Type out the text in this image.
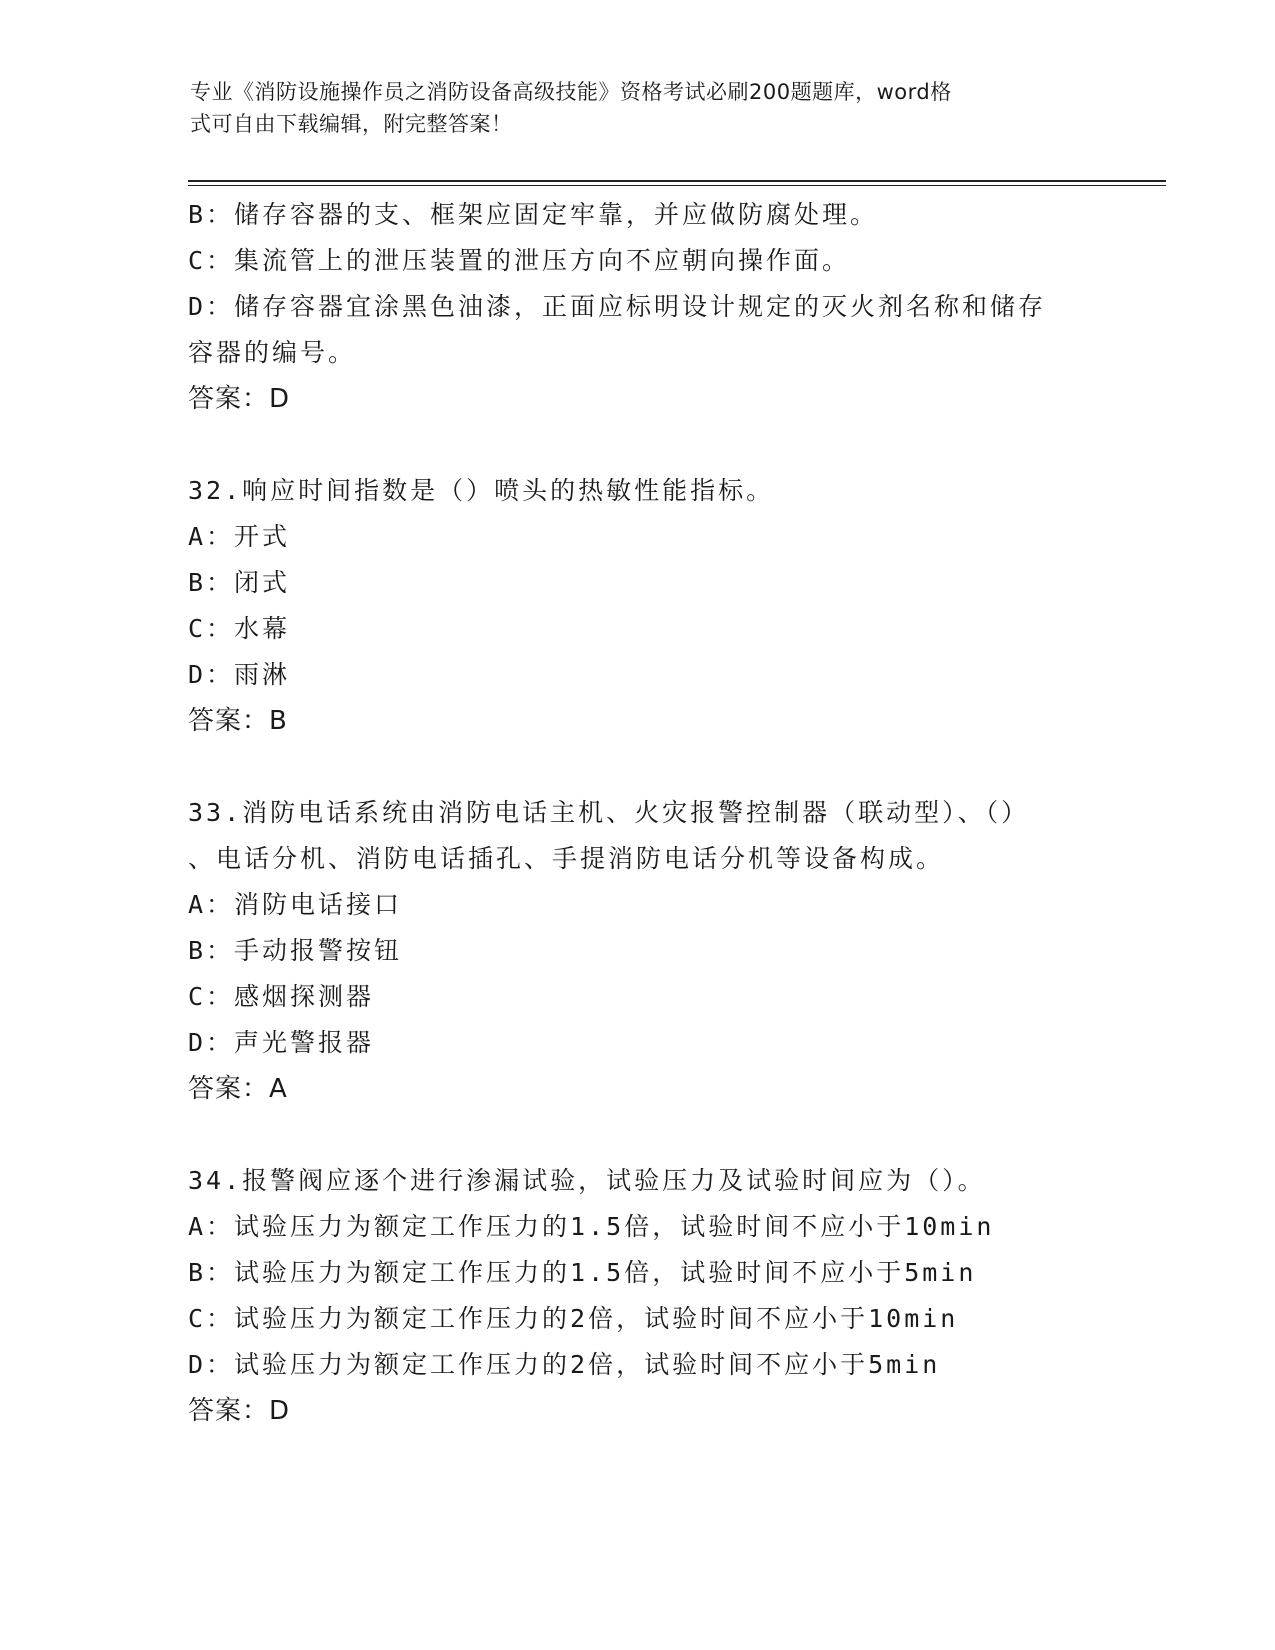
专业《消防设施操作员之消防设备高级技能》资格考试必刷200题题库，word格
式可自由下载编辑，附完整答案！
B：储存容器的支、框架应固定牢靠，并应做防腐处理。
C：集流管上的泄压装置的泄压方向不应朝向操作面。
D：储存容器宜涂黑色油漆，正面应标明设计规定的灭火剂名称和储存
容器的编号。
答案：D
32.响应时间指数是（）喷头的热敏性能指标。
A：开式
B：闭式
C：水幕
D：雨淋
答案：B
33.消防电话系统由消防电话主机、火灾报警控制器（联动型）、（）
、电话分机、消防电话插孔、手提消防电话分机等设备构成。
A：消防电话接口
B：手动报警按钮
C：感烟探测器
D：声光警报器
答案：A
34.报警阀应逐个进行渗漏试验，试验压力及试验时间应为（）。
A：试验压力为额定工作压力的1.5倍，试验时间不应小于10min
B：试验压力为额定工作压力的1.5倍，试验时间不应小于5min
C：试验压力为额定工作压力的2倍，试验时间不应小于10min
D：试验压力为额定工作压力的2倍，试验时间不应小于5min
答案：D
